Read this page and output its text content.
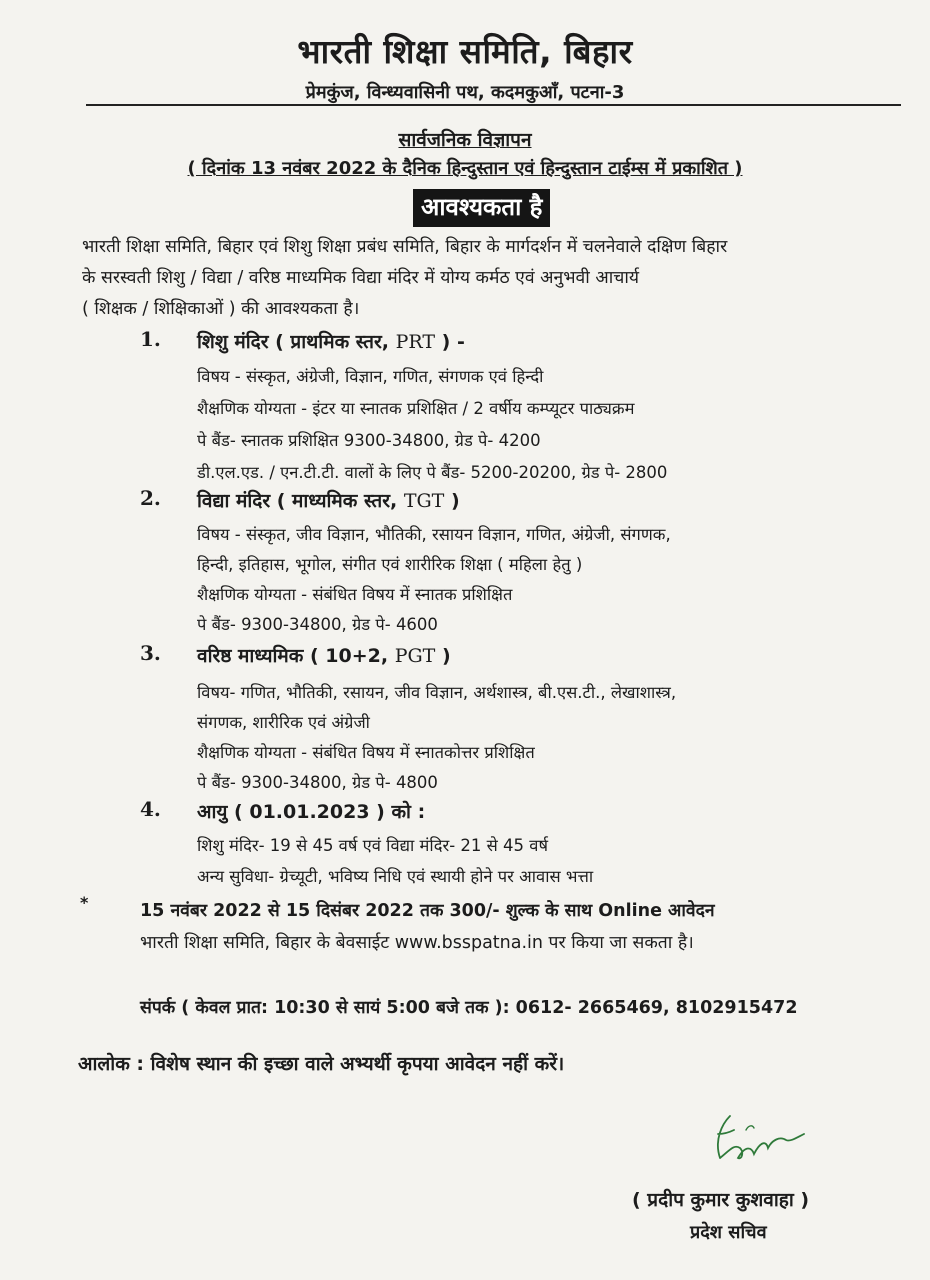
भारती शिक्षा समिति, बिहार
प्रेमकुंज, विन्ध्यवासिनी पथ, कदमकुआँ, पटना-3
सार्वजनिक विज्ञापन
( दिनांक 13 नवंबर 2022 के दैनिक हिन्दुस्तान एवं हिन्दुस्तान टाईम्स में प्रकाशित )
आवश्यकता है
भारती शिक्षा समिति, बिहार एवं शिशु शिक्षा प्रबंध समिति, बिहार के मार्गदर्शन में चलनेवाले दक्षिण बिहार
के सरस्वती शिशु / विद्या / वरिष्ठ माध्यमिक विद्या मंदिर में योग्य कर्मठ एवं अनुभवी आचार्य
( शिक्षक / शिक्षिकाओं ) की आवश्यकता है।
1. शिशु मंदिर ( प्राथमिक स्तर, PRT ) -
विषय - संस्कृत, अंग्रेजी, विज्ञान, गणित, संगणक एवं हिन्दी
शैक्षणिक योग्यता - इंटर या स्नातक प्रशिक्षित / 2 वर्षीय कम्प्यूटर पाठ्यक्रम
पे बैंड- स्नातक प्रशिक्षित 9300-34800, ग्रेड पे- 4200
डी.एल.एड. / एन.टी.टी. वालों के लिए पे बैंड- 5200-20200, ग्रेड पे- 2800
2. विद्या मंदिर ( माध्यमिक स्तर, TGT )
विषय - संस्कृत, जीव विज्ञान, भौतिकी, रसायन विज्ञान, गणित, अंग्रेजी, संगणक,
हिन्दी, इतिहास, भूगोल, संगीत एवं शारीरिक शिक्षा ( महिला हेतु )
शैक्षणिक योग्यता - संबंधित विषय में स्नातक प्रशिक्षित
पे बैंड- 9300-34800, ग्रेड पे- 4600
3. वरिष्ठ माध्यमिक ( 10+2, PGT )
विषय- गणित, भौतिकी, रसायन, जीव विज्ञान, अर्थशास्त्र, बी.एस.टी., लेखाशास्त्र,
संगणक, शारीरिक एवं अंग्रेजी
शैक्षणिक योग्यता - संबंधित विषय में स्नातकोत्तर प्रशिक्षित
पे बैंड- 9300-34800, ग्रेड पे- 4800
4. आयु ( 01.01.2023 ) को :
शिशु मंदिर- 19 से 45 वर्ष एवं विद्या मंदिर- 21 से 45 वर्ष
अन्य सुविधा- ग्रेच्यूटी, भविष्य निधि एवं स्थायी होने पर आवास भत्ता
*	15 नवंबर 2022 से 15 दिसंबर 2022 तक 300/- शुल्क के साथ Online आवेदन
भारती शिक्षा समिति, बिहार के बेवसाईट www.bsspatna.in पर किया जा सकता है।
संपर्क ( केवल प्रात: 10:30 से सायं 5:00 बजे तक ): 0612- 2665469, 8102915472
आलोक : विशेष स्थान की इच्छा वाले अभ्यर्थी कृपया आवेदन नहीं करें।
( प्रदीप कुमार कुशवाहा )
प्रदेश सचिव
